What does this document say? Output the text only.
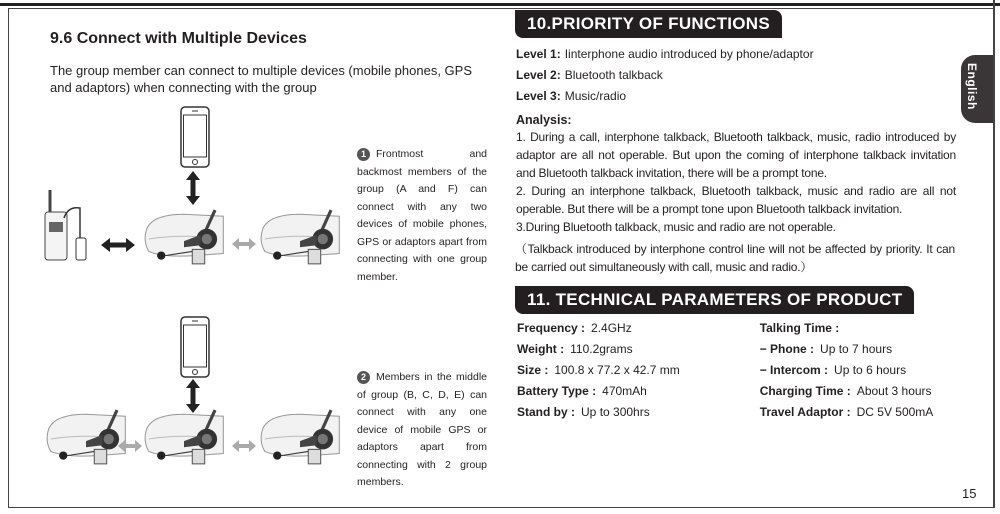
9.6 Connect with Multiple Devices
The group member can connect to multiple devices (mobile phones, GPS and adaptors) when connecting with the group
1 Frontmost and backmost members of the group (A and F) can connect with any two devices of mobile phones, GPS or adaptors apart from connecting with one group member.
2 Members in the middle of group (B, C, D, E) can connect with any one device of mobile GPS or adaptors apart from connecting with 2 group members.
10.PRIORITY OF FUNCTIONS
Level 1: Iinterphone audio introduced by phone/adaptor
Level 2: Bluetooth talkback
Level 3: Music/radio
Analysis:

1. During a call, interphone talkback, Bluetooth talkback, music, radio introduced by adaptor are all not operable. But upon the coming of interphone talkback invitation and Bluetooth talkback invitation, there will be a prompt tone.

2. During an interphone talkback, Bluetooth talkback, music and radio are all not operable. But there will be a prompt tone upon Bluetooth talkback invitation.

3.During Bluetooth talkback, music and radio are not operable.

（Talkback introduced by interphone control line will not be affected by priority. It can be carried out simultaneously with call, music and radio.）
11. TECHNICAL PARAMETERS OF PRODUCT
Frequency : 2.4GHz
Weight : 110.2grams
Size : 100.8 x 77.2 x 42.7 mm
Battery Type : 470mAh
Stand by : Up to 300hrs
Talking Time :
− Phone : Up to 7 hours
− Intercom : Up to 6 hours
Charging Time : About 3 hours
Travel Adaptor : DC 5V 500mA
English
15
